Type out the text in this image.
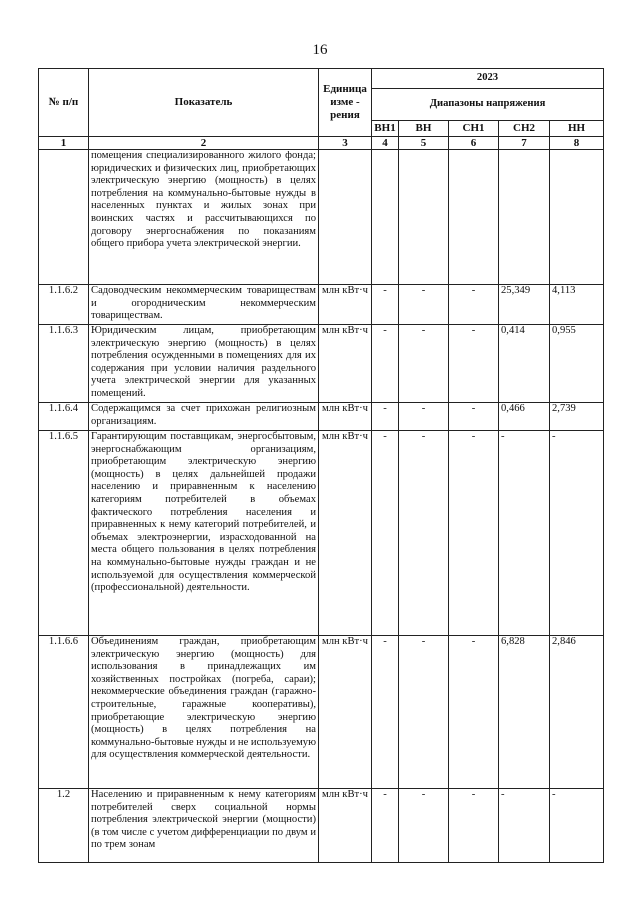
16
№ п/п	Показатель	Единица изме - рения	2023				
			Диапазоны напряжения				
			ВН1	ВН	СН1	СН2	НН
1	2	3	4	5	6	7	8
	помещения специализированного жилого фонда; юридических и физических лиц, приобретающих электрическую энергию (мощность) в целях потребления на коммунально-бытовые нужды в населенных пунктах и жилых зонах при воинских частях и рассчитывающихся по договору энергоснабжения по показаниям общего прибора учета электрической энергии.						
1.1.6.2	Садоводческим некоммерческим товариществам и огородническим некоммерческим товариществам.	млн кВт·ч	-	-	-	25,349	4,113
1.1.6.3	Юридическим лицам, приобретающим электрическую энергию (мощность) в целях потребления осужденными в помещениях для их содержания при условии наличия раздельного учета электрической энергии для указанных помещений.	млн кВт·ч	-	-	-	0,414	0,955
1.1.6.4	Содержащимся за счет прихожан религиозным организациям.	млн кВт·ч	-	-	-	0,466	2,739
1.1.6.5	Гарантирующим поставщикам, энергосбытовым, энергоснабжающим организациям, приобретающим электрическую энергию (мощность) в целях дальнейшей продажи населению и приравненным к населению категориям потребителей в объемах фактического потребления населения и приравненных к нему категорий потребителей, и объемах электроэнергии, израсходованной на места общего пользования в целях потребления на коммунально-бытовые нужды граждан и не используемой для осуществления коммерческой (профессиональной) деятельности.	млн кВт·ч	-	-	-	-	-
1.1.6.6	Объединениям граждан, приобретающим электрическую энергию (мощность) для использования в принадлежащих им хозяйственных постройках (погреба, сараи); некоммерческие объединения граждан (гаражно-строительные, гаражные кооперативы), приобретающие электрическую энергию (мощность) в целях потребления на коммунально-бытовые нужды и не используемую для осуществления коммерческой деятельности.	млн кВт·ч	-	-	-	6,828	2,846
1.2	Населению и приравненным к нему категориям потребителей сверх социальной нормы потребления электрической энергии (мощности) (в том числе с учетом дифференциации по двум и по трем зонам	млн кВт·ч	-	-	-	-	-
